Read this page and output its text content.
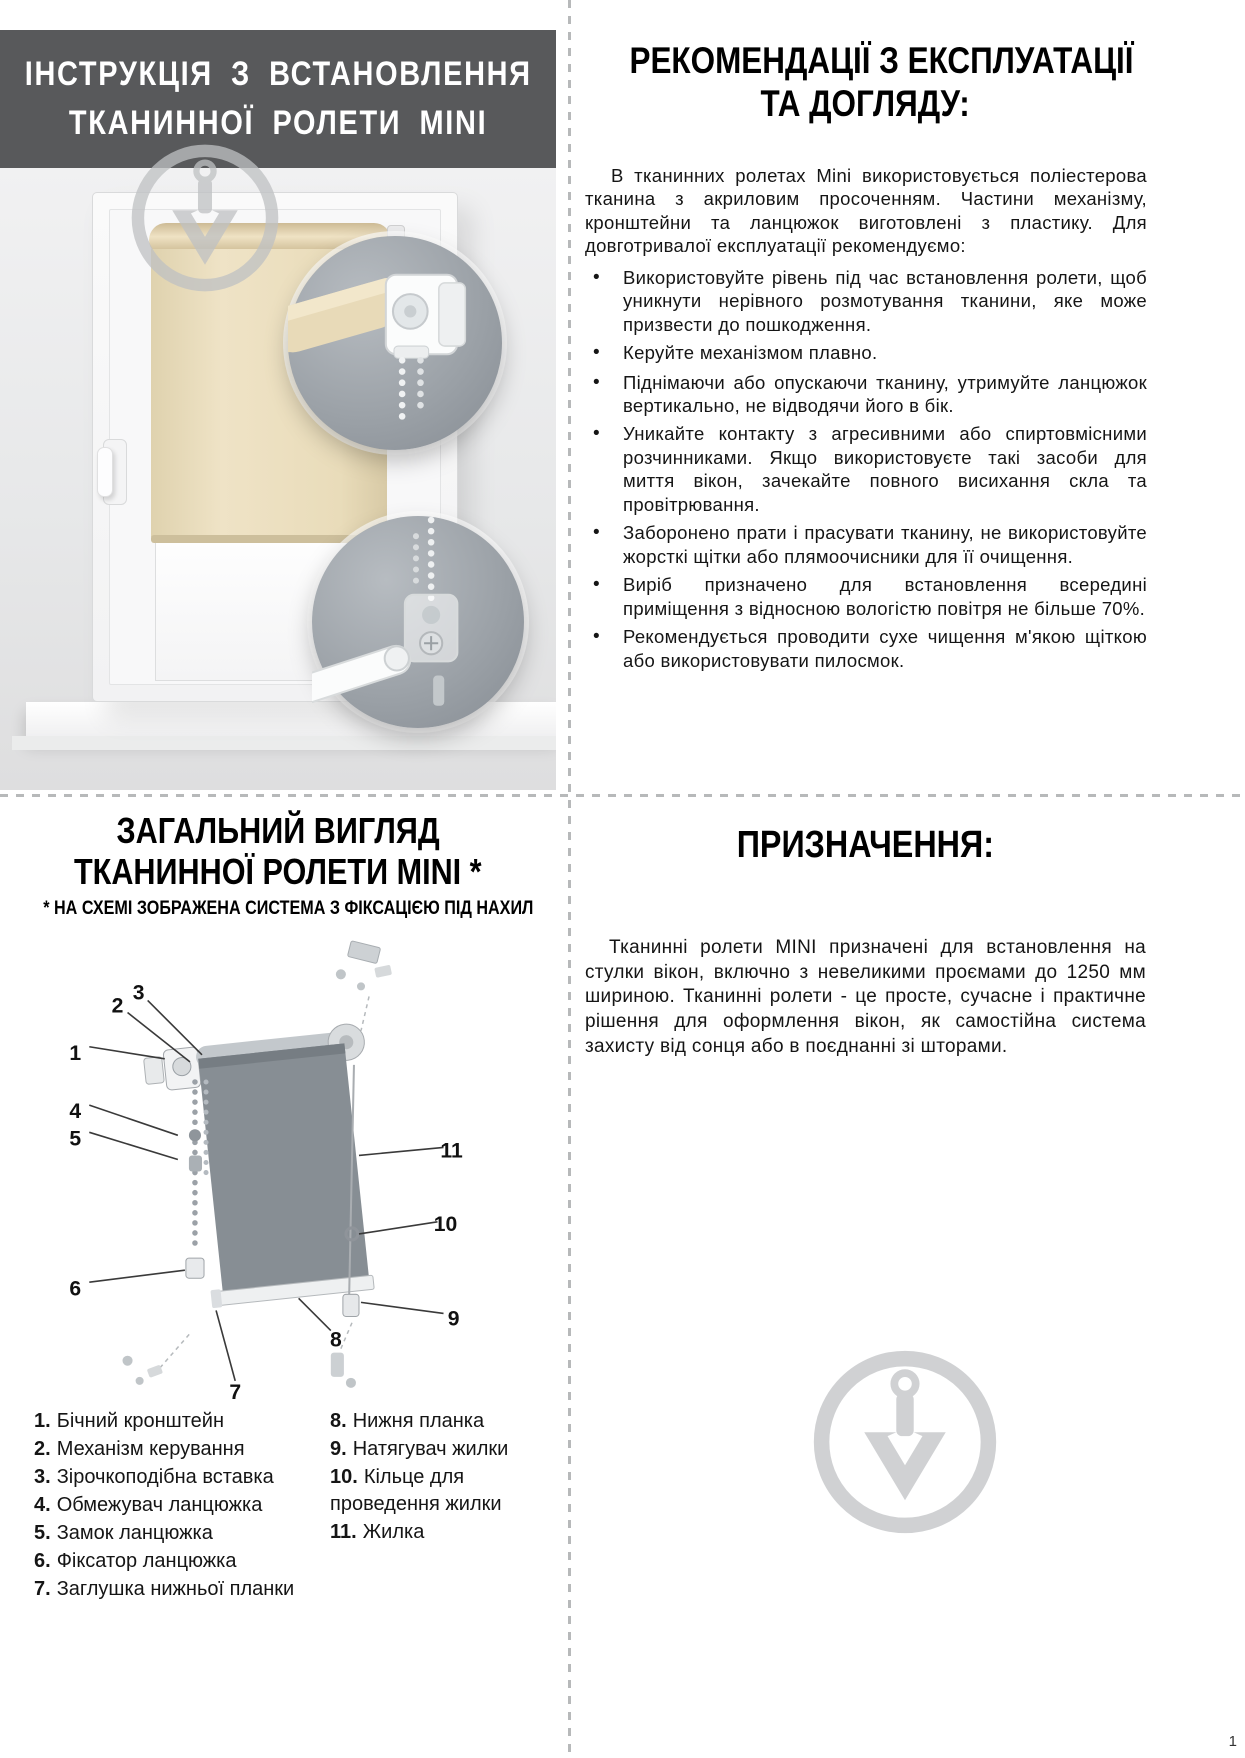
ІНСТРУКЦІЯ З ВСТАНОВЛЕННЯ
ТКАНИННОЇ РОЛЕТИ MINI
РЕКОМЕНДАЦІЇ З ЕКСПЛУАТАЦІЇ
ТА ДОГЛЯДУ:

В тканинних ролетах Mini використовується поліестерова тканина з акриловим просоченням. Частини механізму, кронштейни та ланцюжок виготовлені з пластику. Для довготривалої експлуатації рекомендуємо:

•	Використовуйте рівень під час встановлення ролети, щоб уникнути нерівного розмотування тканини, яке може призвести до пошкодження.
•	Керуйте механізмом плавно.
•	Піднімаючи або опускаючи тканину, утримуйте ланцюжок вертикально, не відводячи його в бік.
•	Уникайте контакту з агресивними або спиртовмісними розчинниками. Якщо використовуєте такі засоби для миття вікон, зачекайте повного висихання скла та провітрювання.
•	Заборонено прати і прасувати тканину, не використовуйте жорсткі щітки або плямоочисники для її очищення.
•	Виріб призначено для встановлення всередині приміщення з відносною вологістю повітря не більше 70%.
•	Рекомендується проводити сухе чищення м'якою щіткою або використовувати пилосмок.
ЗАГАЛЬНИЙ ВИГЛЯД
ТКАНИННОЇ РОЛЕТИ MINI *
* НА СХЕМІ ЗОБРАЖЕНА СИСТЕМА З ФІКСАЦІЄЮ ПІД НАХИЛ
1
2
3
4
5
6
7
8
9
10
11
1. Бічний кронштейн
2. Механізм керування
3. Зірочкоподібна вставка
4. Обмежувач ланцюжка
5. Замок ланцюжка
6. Фіксатор ланцюжка
7. Заглушка нижньої планки
8. Нижня планка
9. Натягувач жилки
10. Кільце для проведення жилки
11. Жилка
ПРИЗНАЧЕННЯ:
Тканинні ролети MINI призначені для встановлення на стулки вікон, включно з невеликими проємами до 1250 мм шириною. Тканинні ролети - це просте, сучасне і практичне рішення для оформлення вікон, як самостійна система захисту від сонця або в поєднанні зі шторами.
1
